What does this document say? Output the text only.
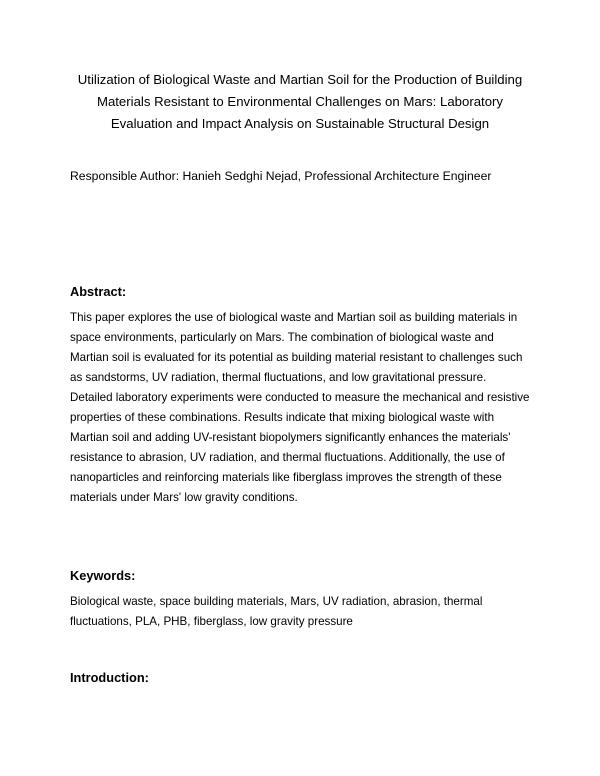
Utilization of Biological Waste and Martian Soil for the Production of Building Materials Resistant to Environmental Challenges on Mars: Laboratory Evaluation and Impact Analysis on Sustainable Structural Design
Responsible Author: Hanieh Sedghi Nejad, Professional Architecture Engineer
Abstract:
This paper explores the use of biological waste and Martian soil as building materials in space environments, particularly on Mars. The combination of biological waste and Martian soil is evaluated for its potential as building material resistant to challenges such as sandstorms, UV radiation, thermal fluctuations, and low gravitational pressure. Detailed laboratory experiments were conducted to measure the mechanical and resistive properties of these combinations. Results indicate that mixing biological waste with Martian soil and adding UV-resistant biopolymers significantly enhances the materials' resistance to abrasion, UV radiation, and thermal fluctuations. Additionally, the use of nanoparticles and reinforcing materials like fiberglass improves the strength of these materials under Mars' low gravity conditions.
Keywords:
Biological waste, space building materials, Mars, UV radiation, abrasion, thermal fluctuations, PLA, PHB, fiberglass, low gravity pressure
Introduction:
